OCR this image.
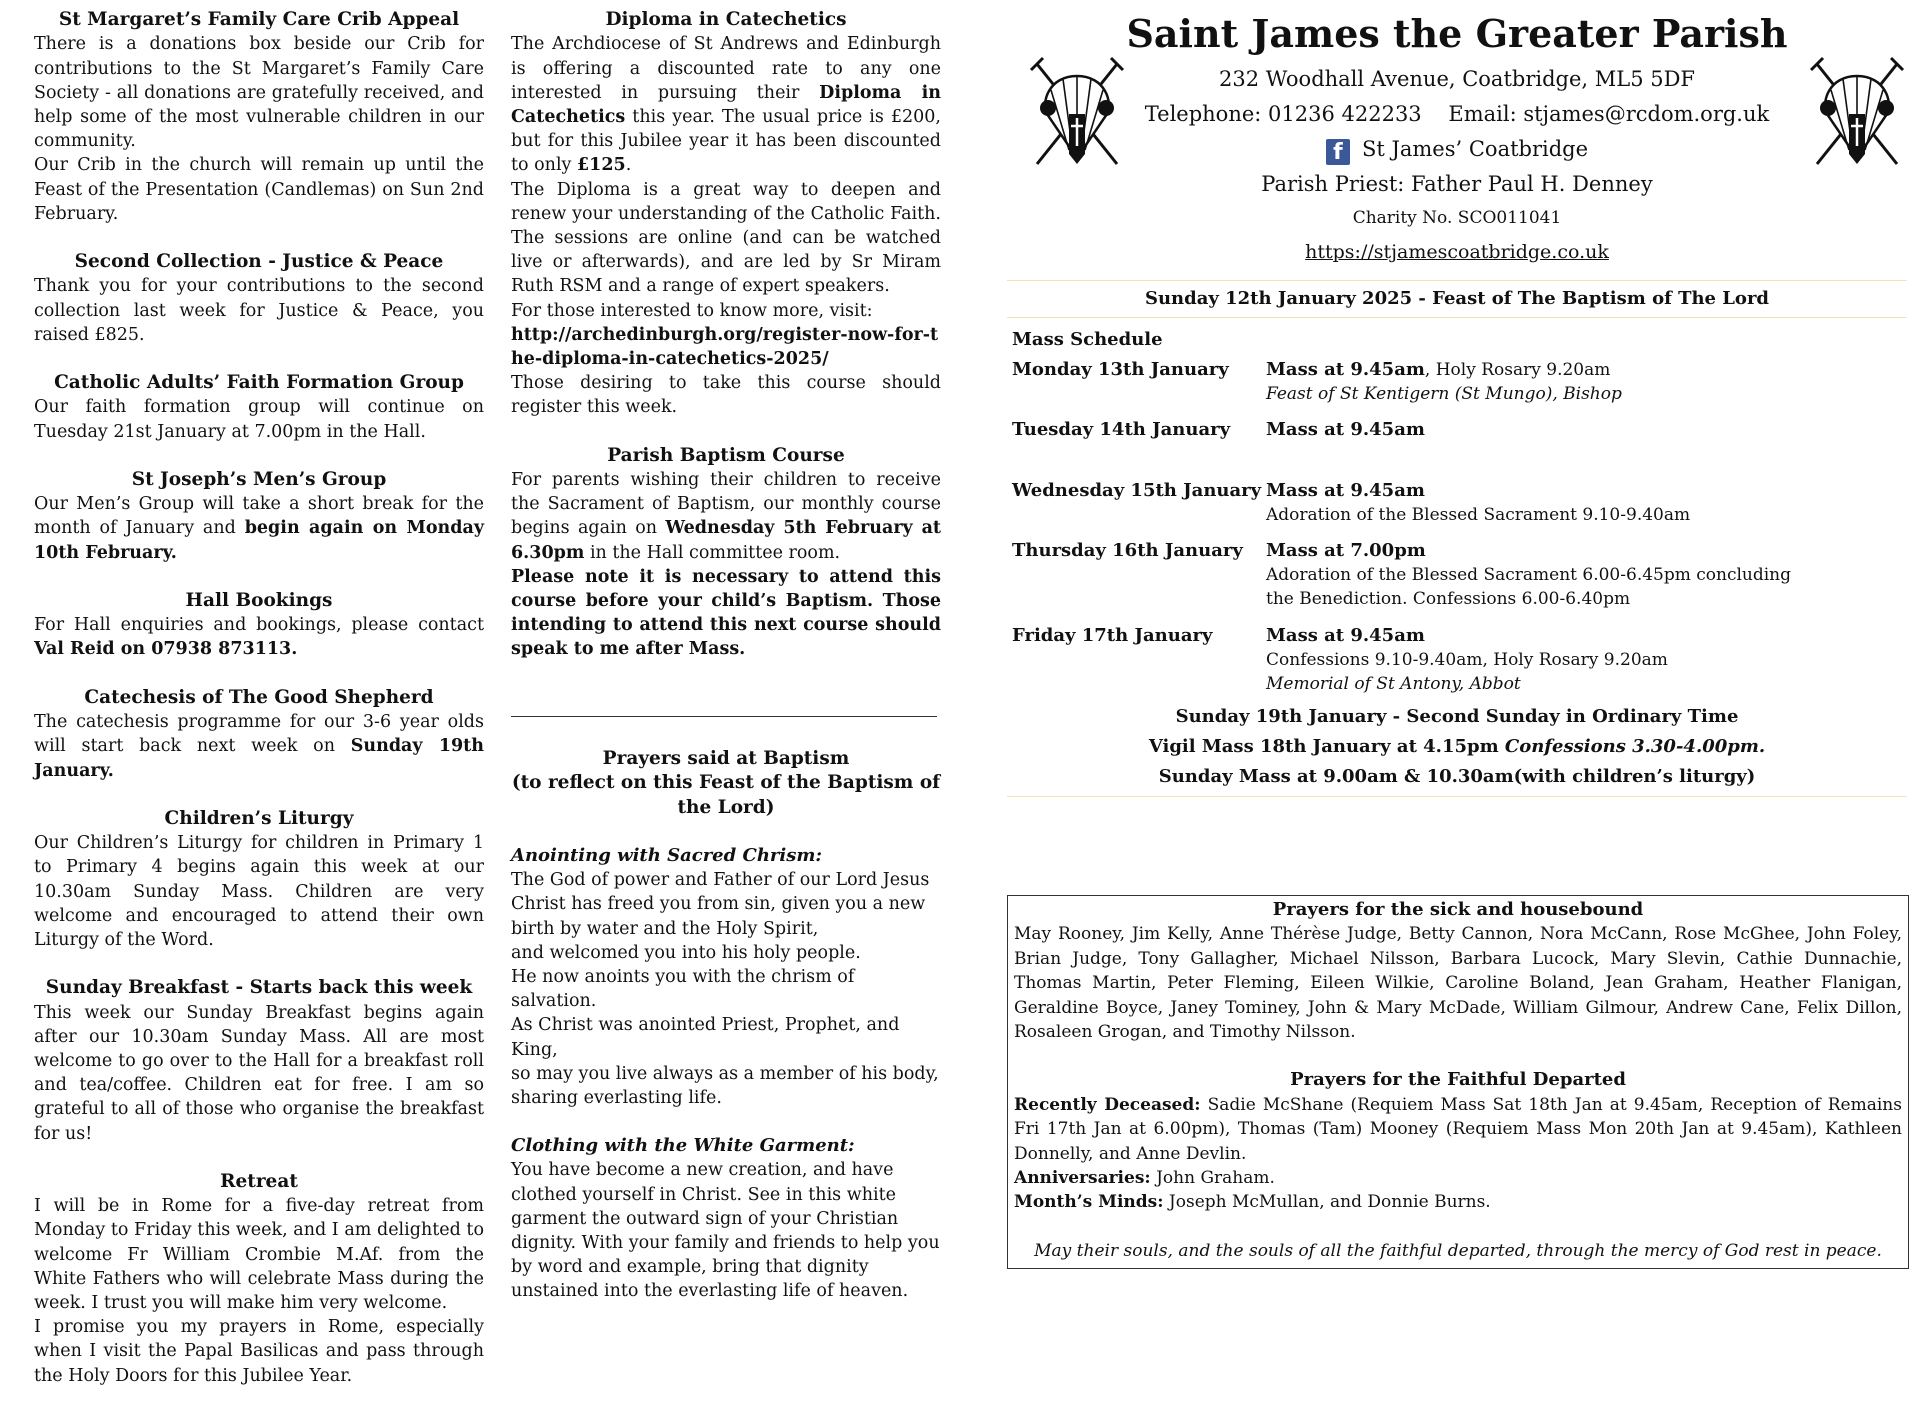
St Margaret’s Family Care Crib Appeal
There is a donations box beside our Crib for contributions to the St Margaret’s Family Care Society - all donations are gratefully received, and help some of the most vulnerable children in our community.
Our Crib in the church will remain up until the Feast of the Presentation (Candlemas) on Sun 2nd February.
Second Collection - Justice & Peace
Thank you for your contributions to the second collection last week for Justice & Peace, you raised £825.
Catholic Adults’ Faith Formation Group
Our faith formation group will continue on Tuesday 21st January at 7.00pm in the Hall.
St Joseph’s Men’s Group
Our Men’s Group will take a short break for the month of January and begin again on Monday 10th February.
Hall Bookings
For Hall enquiries and bookings, please contact Val Reid on 07938 873113.
Catechesis of The Good Shepherd
The catechesis programme for our 3-6 year olds will start back next week on Sunday 19th January.
Children’s Liturgy
Our Children’s Liturgy for children in Primary 1 to Primary 4 begins again this week at our 10.30am Sunday Mass. Children are very welcome and encouraged to attend their own Liturgy of the Word.
Sunday Breakfast - Starts back this week
This week our Sunday Breakfast begins again after our 10.30am Sunday Mass. All are most welcome to go over to the Hall for a breakfast roll and tea/coffee. Children eat for free. I am so grateful to all of those who organise the breakfast for us!
Retreat
I will be in Rome for a five-day retreat from Monday to Friday this week, and I am delighted to welcome Fr William Crombie M.Af. from the White Fathers who will celebrate Mass during the week. I trust you will make him very welcome.
I promise you my prayers in Rome, especially when I visit the Papal Basilicas and pass through the Holy Doors for this Jubilee Year.
Diploma in Catechetics
The Archdiocese of St Andrews and Edinburgh is offering a discounted rate to any one interested in pursuing their Diploma in Catechetics this year. The usual price is £200, but for this Jubilee year it has been discounted to only £125.
The Diploma is a great way to deepen and renew your understanding of the Catholic Faith. The sessions are online (and can be watched live or afterwards), and are led by Sr Miram Ruth RSM and a range of expert speakers.
For those interested to know more, visit:
http://archedinburgh.org/register-now-for-the-diploma-in-catechetics-2025/
Those desiring to take this course should register this week.
Parish Baptism Course
For parents wishing their children to receive the Sacrament of Baptism, our monthly course begins again on Wednesday 5th February at 6.30pm in the Hall committee room.
Please note it is necessary to attend this course before your child’s Baptism. Those intending to attend this next course should speak to me after Mass.
Prayers said at Baptism
(to reflect on this Feast of the Baptism of the Lord)
Anointing with Sacred Chrism:
The God of power and Father of our Lord Jesus
Christ has freed you from sin, given you a new
birth by water and the Holy Spirit,
and welcomed you into his holy people.
He now anoints you with the chrism of salvation.
As Christ was anointed Priest, Prophet, and King,
so may you live always as a member of his body,
sharing everlasting life.
Clothing with the White Garment:
You have become a new creation, and have
clothed yourself in Christ. See in this white
garment the outward sign of your Christian
dignity. With your family and friends to help you
by word and example, bring that dignity
unstained into the everlasting life of heaven.
Saint James the Greater Parish
232 Woodhall Avenue, Coatbridge, ML5 5DF
Telephone: 01236 422233 Email: stjames@rcdom.org.uk
f St James’ Coatbridge
Parish Priest: Father Paul H. Denney
Charity No. SCO011041
https://stjamescoatbridge.co.uk
Sunday 12th January 2025 - Feast of The Baptism of The Lord
Mass Schedule
Monday 13th January	Mass at 9.45am, Holy Rosary 9.20am
Feast of St Kentigern (St Mungo), Bishop
Tuesday 14th January	Mass at 9.45am
Wednesday 15th January Mass at 9.45am
Adoration of the Blessed Sacrament 9.10-9.40am
Thursday 16th January	Mass at 7.00pm
Adoration of the Blessed Sacrament 6.00-6.45pm concluding
the Benediction. Confessions 6.00-6.40pm
Friday 17th January	Mass at 9.45am
Confessions 9.10-9.40am, Holy Rosary 9.20am
Memorial of St Antony, Abbot
Sunday 19th January - Second Sunday in Ordinary Time
Vigil Mass 18th January at 4.15pm Confessions 3.30-4.00pm.
Sunday Mass at 9.00am & 10.30am(with children’s liturgy)
Prayers for the sick and housebound
May Rooney, Jim Kelly, Anne Thérèse Judge, Betty Cannon, Nora McCann, Rose McGhee, John Foley, Brian Judge, Tony Gallagher, Michael Nilsson, Barbara Lucock, Mary Slevin, Cathie Dunnachie, Thomas Martin, Peter Fleming, Eileen Wilkie, Caroline Boland, Jean Graham, Heather Flanigan, Geraldine Boyce, Janey Tominey, John & Mary McDade, William Gilmour, Andrew Cane, Felix Dillon, Rosaleen Grogan, and Timothy Nilsson.
Prayers for the Faithful Departed
Recently Deceased: Sadie McShane (Requiem Mass Sat 18th Jan at 9.45am, Reception of Remains Fri 17th Jan at 6.00pm), Thomas (Tam) Mooney (Requiem Mass Mon 20th Jan at 9.45am), Kathleen Donnelly, and Anne Devlin.
Anniversaries: John Graham.
Month’s Minds: Joseph McMullan, and Donnie Burns.
May their souls, and the souls of all the faithful departed, through the mercy of God rest in peace.
